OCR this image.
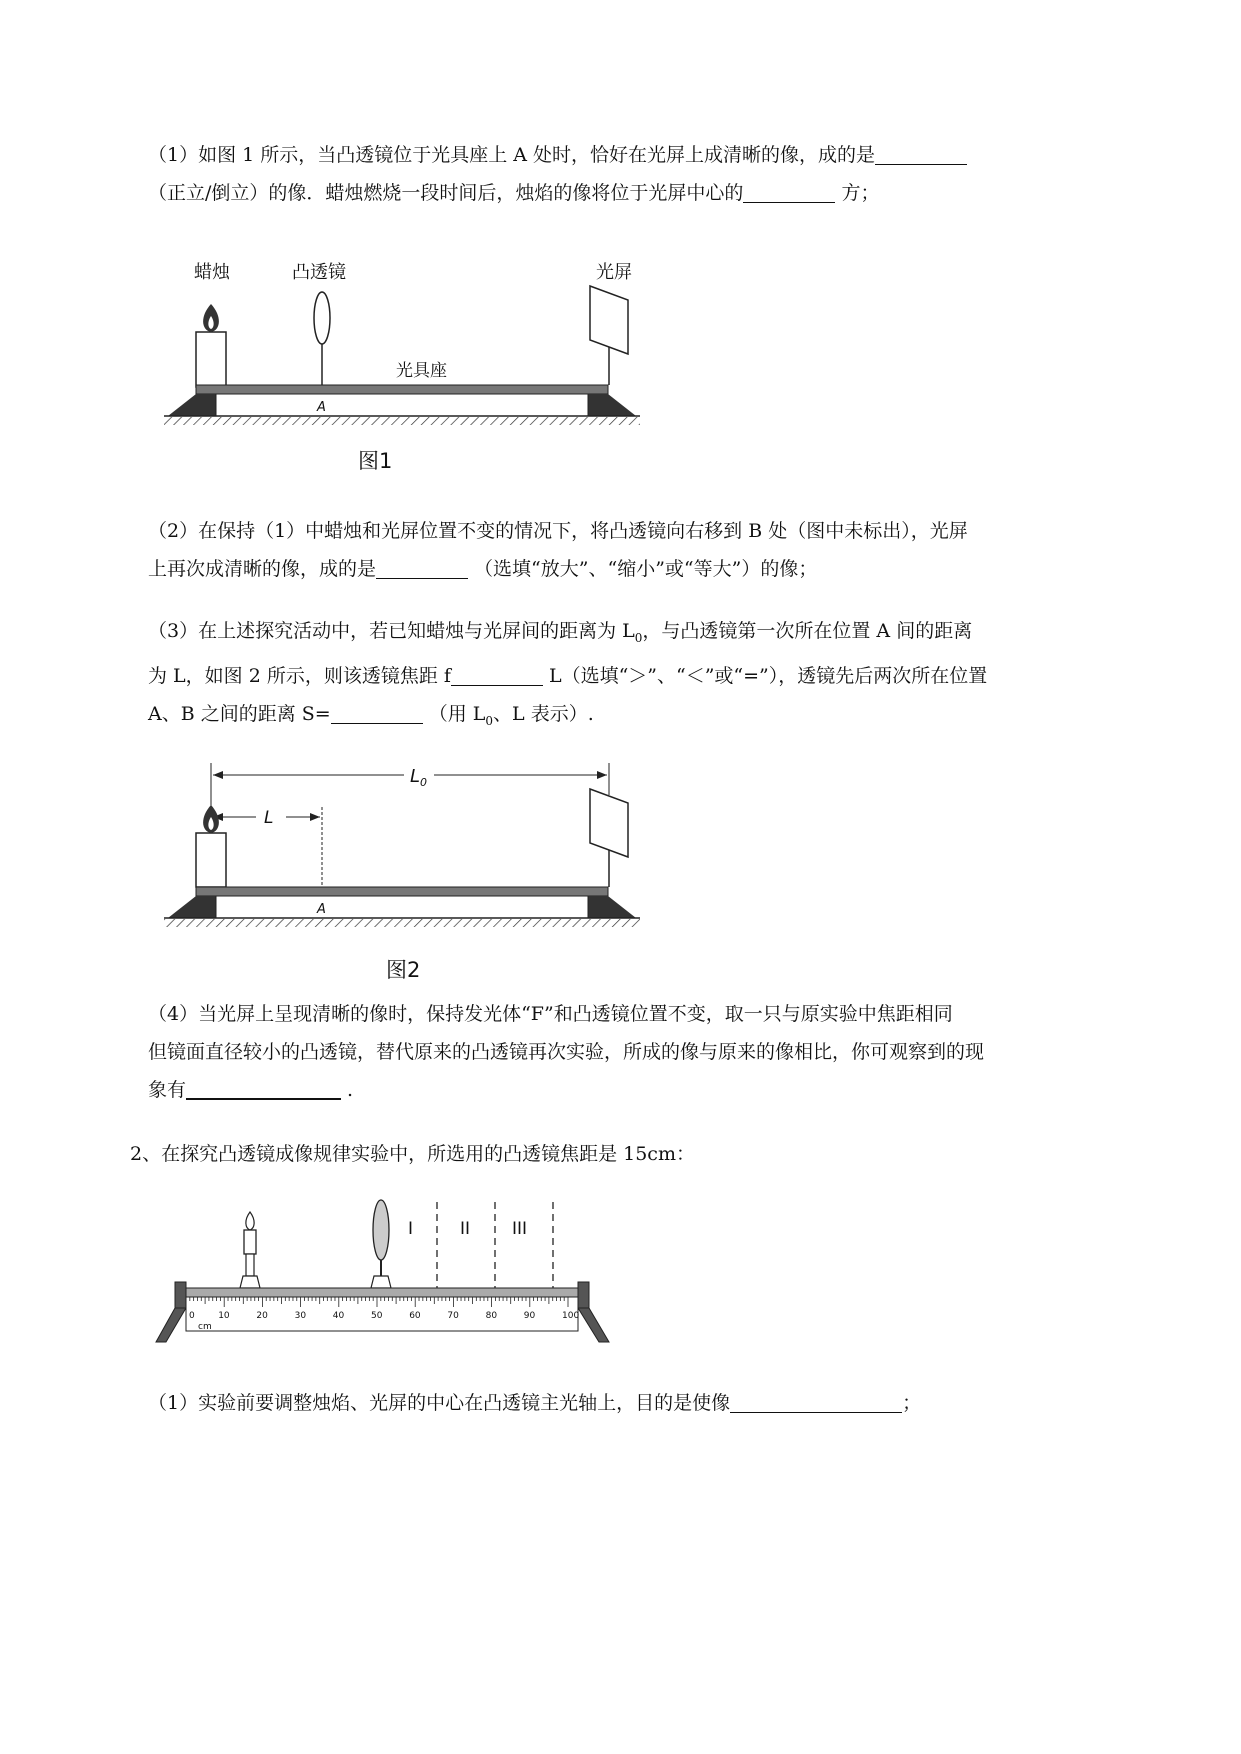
（1）如图 1 所示，当凸透镜位于光具座上 A 处时，恰好在光屏上成清晰的像，成的是
（正立/倒立）的像．蜡烛燃烧一段时间后，烛焰的像将位于光屏中心的	方；

蜡烛	凸透镜	光屏
光具座
A
图1

（2）在保持（1）中蜡烛和光屏位置不变的情况下，将凸透镜向右移到 B 处（图中未标出），光屏
上再次成清晰的像，成的是	（选填“放大”、“缩小”或“等大”）的像；

（3）在上述探究活动中，若已知蜡烛与光屏间的距离为 $L_0$，与凸透镜第一次所在位置 A 间的距离
为 L，如图 2 所示，则该透镜焦距 f	L（选填“＞”、“＜”或“=”），透镜先后两次所在位置
A、B 之间的距离 S=	（用 $L_0$、L 表示）.

$L_0$
L
A
图2

（4）当光屏上呈现清晰的像时，保持发光体“F”和凸透镜位置不变，取一只与原实验中焦距相同
但镜面直径较小的凸透镜，替代原来的凸透镜再次实验，所成的像与原来的像相比，你可观察到的现
象有	.

2、在探究凸透镜成像规律实验中，所选用的凸透镜焦距是 15cm：

I	II III
0	10	20	30	40	50	60	70	80	90	100
cm

（1）实验前要调整烛焰、光屏的中心在凸透镜主光轴上，目的是使像	；
